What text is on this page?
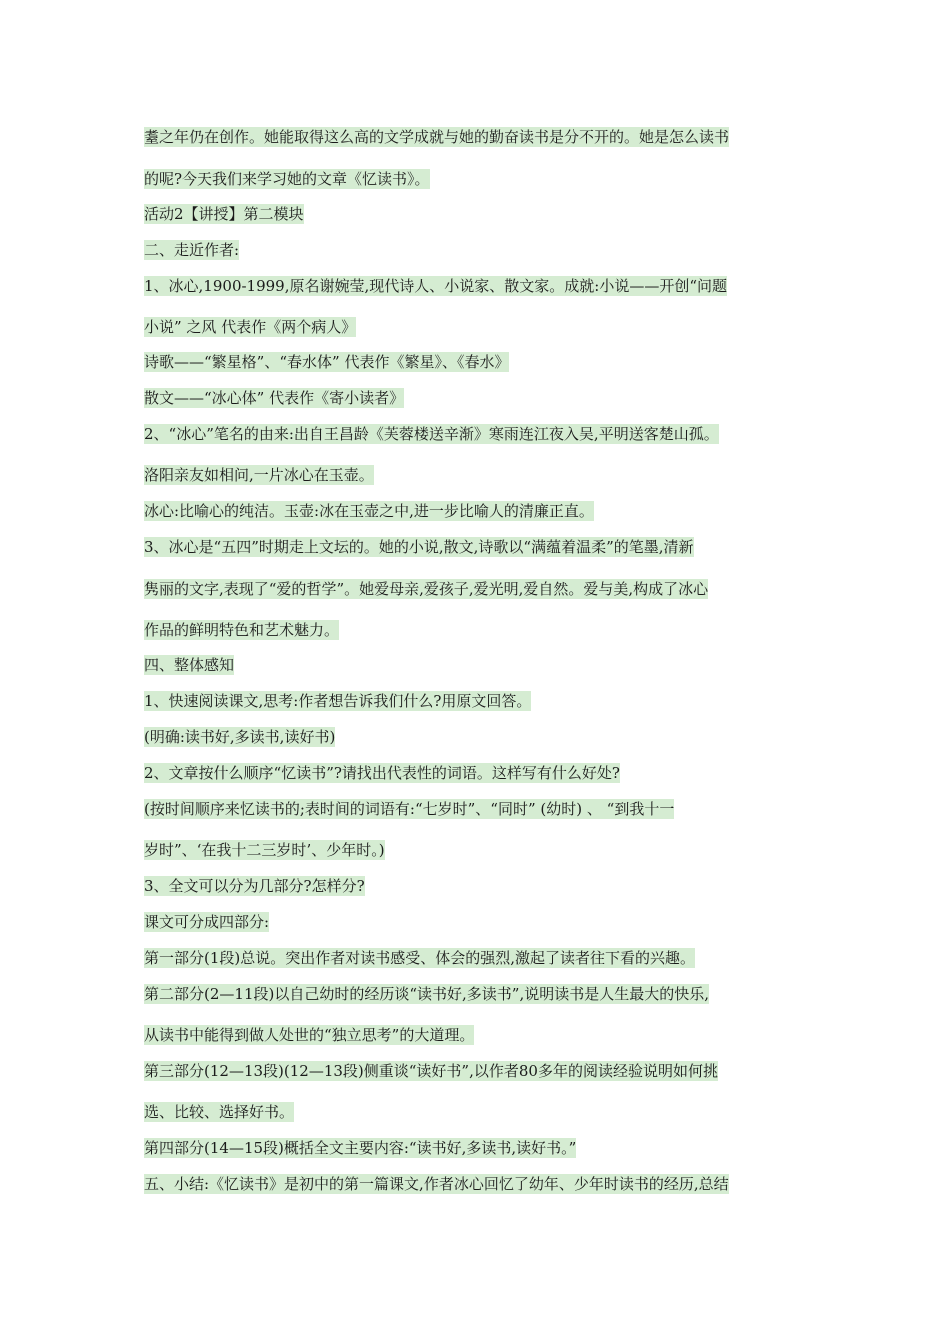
耋之年仍在创作。她能取得这么高的文学成就与她的勤奋读书是分不开的。她是怎么读书
的呢?今天我们来学习她的文章《忆读书》。
活动2【讲授】第二模块
二、走近作者:
1、冰心,1900-1999,原名谢婉莹,现代诗人、小说家、散文家。成就:小说——开创“问题
小说” 之风 代表作《两个病人》
诗歌——“繁星格”、“春水体” 代表作《繁星》、《春水》
散文——“冰心体” 代表作《寄小读者》
2、“冰心”笔名的由来:出自王昌龄《芙蓉楼送辛渐》寒雨连江夜入吴,平明送客楚山孤。
洛阳亲友如相问,一片冰心在玉壶。
冰心:比喻心的纯洁。玉壶:冰在玉壶之中,进一步比喻人的清廉正直。
3、冰心是“五四”时期走上文坛的。她的小说,散文,诗歌以“满蕴着温柔”的笔墨,清新
隽丽的文字,表现了“爱的哲学”。她爱母亲,爱孩子,爱光明,爱自然。爱与美,构成了冰心
作品的鲜明特色和艺术魅力。
四、整体感知
1、快速阅读课文,思考:作者想告诉我们什么?用原文回答。
(明确:读书好,多读书,读好书)
2、文章按什么顺序“忆读书”?请找出代表性的词语。这样写有什么好处?
(按时间顺序来忆读书的;表时间的词语有:“七岁时”、“同时” (幼时) 、 “到我十一
岁时”、‘在我十二三岁时’、少年时。)
3、全文可以分为几部分?怎样分?
课文可分成四部分:
第一部分(1段)总说。突出作者对读书感受、体会的强烈,激起了读者往下看的兴趣。
第二部分(2—11段)以自己幼时的经历谈“读书好,多读书”,说明读书是人生最大的快乐,
从读书中能得到做人处世的“独立思考”的大道理。
第三部分(12—13段)(12—13段)侧重谈“读好书”,以作者80多年的阅读经验说明如何挑
选、比较、选择好书。
第四部分(14—15段)概括全文主要内容:“读书好,多读书,读好书。”
五、小结:《忆读书》是初中的第一篇课文,作者冰心回忆了幼年、少年时读书的经历,总结
